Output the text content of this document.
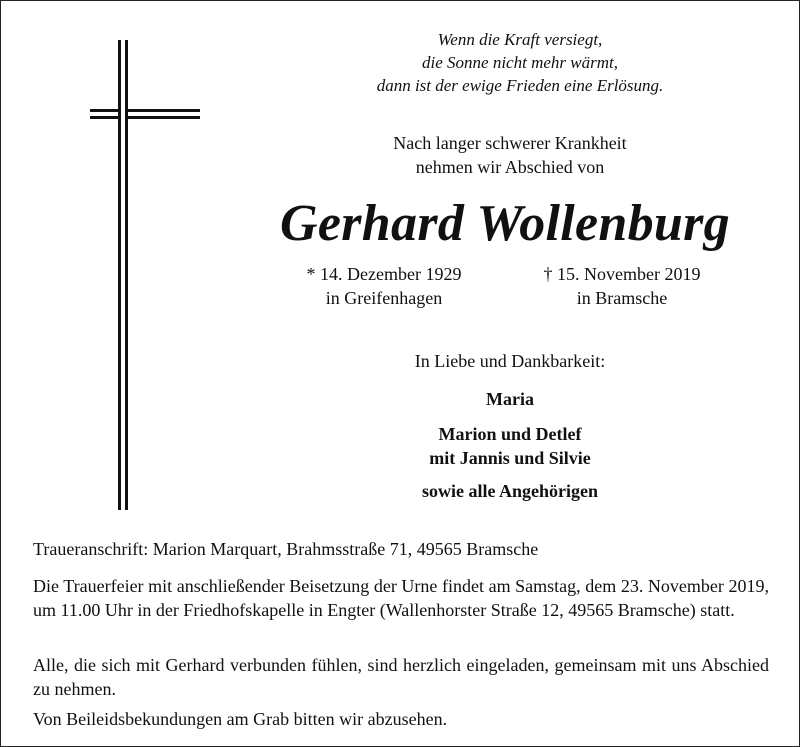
Wenn die Kraft versiegt,
die Sonne nicht mehr wärmt,
dann ist der ewige Frieden eine Erlösung.
Nach langer schwerer Krankheit
nehmen wir Abschied von
Gerhard Wollenburg
* 14. Dezember 1929
in Greifenhagen
† 15. November 2019
in Bramsche
In Liebe und Dankbarkeit:
Maria
Marion und Detlef
mit Jannis und Silvie
sowie alle Angehörigen
Traueranschrift: Marion Marquart, Brahmsstraße 71, 49565 Bramsche
Die Trauerfeier mit anschließender Beisetzung der Urne findet am Samstag, dem 23. November 2019, um 11.00 Uhr in der Friedhofskapelle in Engter (Wallenhorster Straße 12, 49565 Bramsche) statt.
Alle, die sich mit Gerhard verbunden fühlen, sind herzlich eingeladen, gemeinsam mit uns Abschied zu nehmen.
Von Beileidsbekundungen am Grab bitten wir abzusehen.
